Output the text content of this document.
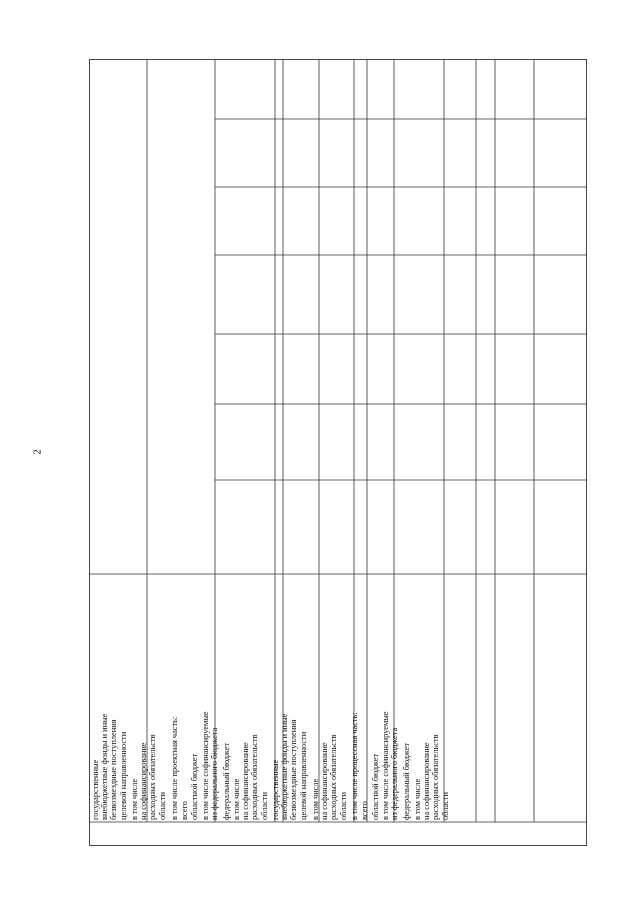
2
государственные внебюджетные фонды и иные безвозмездные поступления целевой направленности в том числе на софинансирование расходных обязательств области в том числе проектная часть: всего областной бюджет в том числе софинансируемые из федерального бюджета федеральный бюджет в том числе на софинансирование расходных обязательств области государственные внебюджетные фонды и иные безвозмездные поступления целевой направленности в том числе на софинансирование расходных обязательств области в том числе процессная часть: всего областной бюджет в том числе софинансируемые из федерального бюджета федеральный бюджет в том числе на софинансирование расходных обязательств области
